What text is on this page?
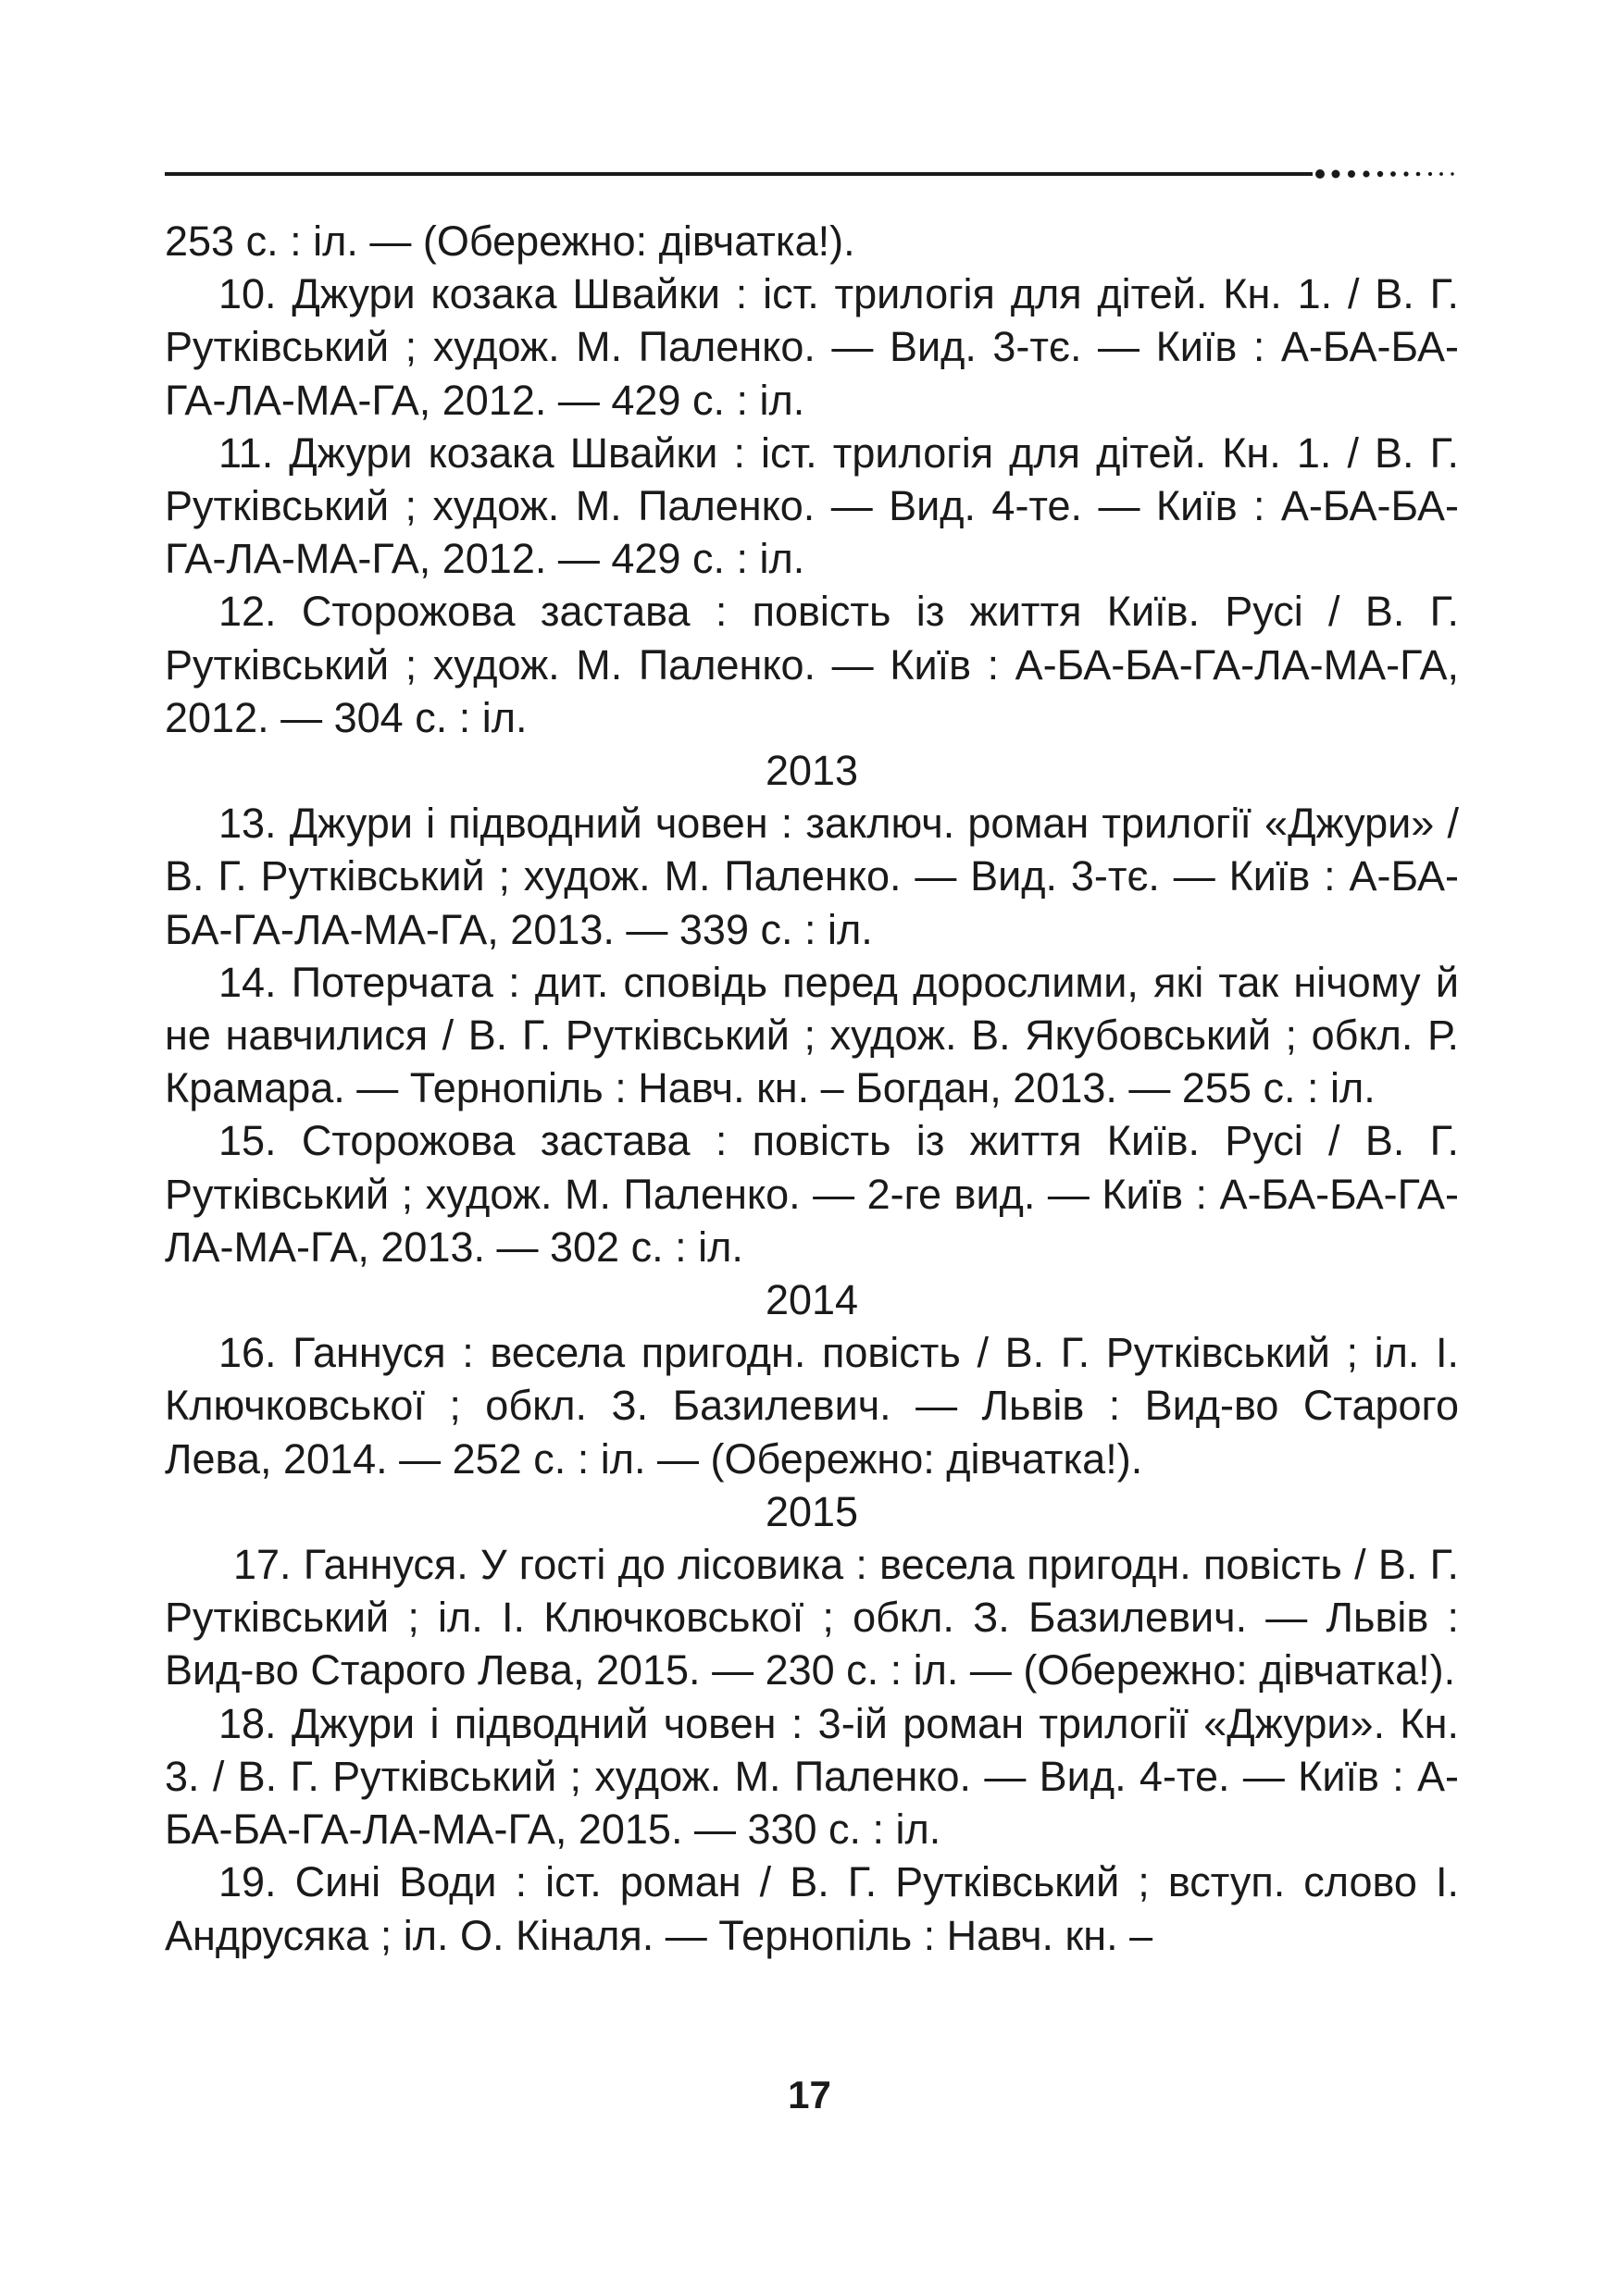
253 с. : іл. — (Обережно: дівчатка!).

10. Джури козака Швайки : іст. трилогія для дітей. Кн. 1. / В. Г. Рутківський ; худож. М. Паленко. — Вид. 3-тє. — Київ : А-БА-БА-ГА-ЛА-МА-ГА, 2012. — 429 с. : іл.

11. Джури козака Швайки : іст. трилогія для дітей. Кн. 1. / В. Г. Рутківський ; худож. М. Паленко. — Вид. 4-те. — Київ : А-БА-БА-ГА-ЛА-МА-ГА, 2012. — 429 с. : іл.

12. Сторожова застава : повість із життя Київ. Русі / В. Г. Рутківський ; худож. М. Паленко. — Київ : А-БА-БА-ГА-ЛА-МА-ГА, 2012. — 304 с. : іл.

2013

13. Джури і підводний човен : заключ. роман трилогії «Джури» / В. Г. Рутківський ; худож. М. Паленко. — Вид. 3-тє. — Київ : А-БА-БА-ГА-ЛА-МА-ГА, 2013. — 339 с. : іл.

14. Потерчата : дит. сповідь перед дорослими, які так нічому й не навчилися / В. Г. Рутківський ; худож. В. Якубовський ; обкл. Р. Крамара. — Тернопіль : Навч. кн. – Богдан, 2013. — 255 с. : іл.

15. Сторожова застава : повість із життя Київ. Русі / В. Г. Рутківський ; худож. М. Паленко. — 2-ге вид. — Київ : А-БА-БА-ГА-ЛА-МА-ГА, 2013. — 302 с. : іл.

2014

16. Ганнуся : весела пригодн. повість / В. Г. Рутківський ; іл. І. Ключковської ; обкл. З. Базилевич. — Львів : Вид-во Старого Лева, 2014. — 252 с. : іл. — (Обережно: дівчатка!).

2015

17. Ганнуся. У гості до лісовика : весела пригодн. повість / В. Г. Рутківський ; іл. І. Ключковської ; обкл. З. Базилевич. — Львів : Вид-во Старого Лева, 2015. — 230 с. : іл. — (Обережно: дівчатка!).

18. Джури і підводний човен : 3-ій роман трилогії «Джури». Кн. 3. / В. Г. Рутківський ; худож. М. Паленко. — Вид. 4-те. — Київ : А-БА-БА-ГА-ЛА-МА-ГА, 2015. — 330 с. : іл.

19. Сині Води : іст. роман / В. Г. Рутківський ; вступ. слово І. Андрусяка ; іл. О. Кіналя. — Тернопіль : Навч. кн. –

17
